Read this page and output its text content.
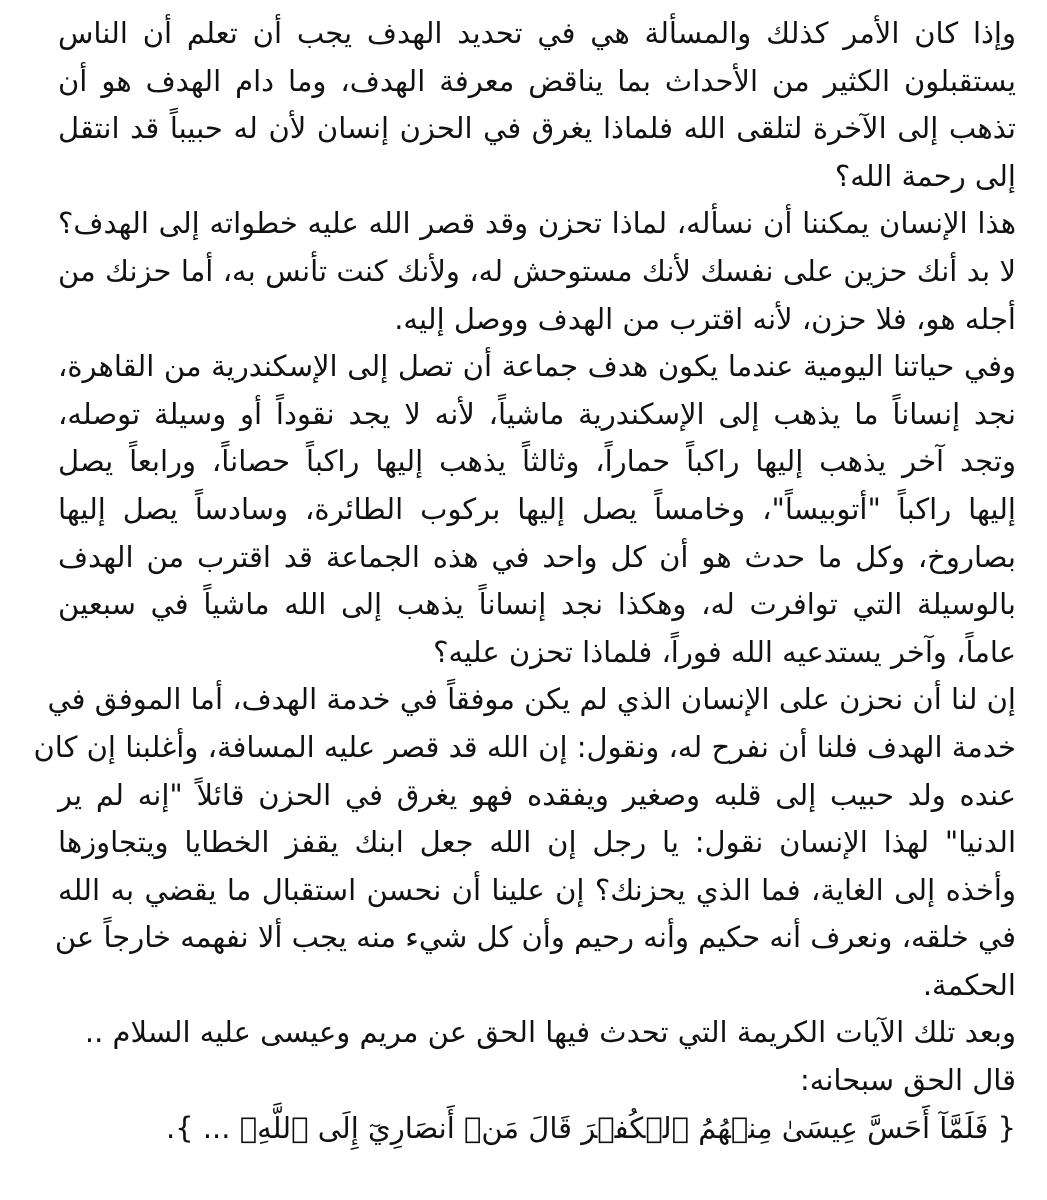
وإذا كان الأمر كذلك والمسألة هي في تحديد الهدف يجب أن تعلم أن الناس
يستقبلون الكثير من الأحداث بما يناقض معرفة الهدف، وما دام الهدف هو أن
تذهب إلى الآخرة لتلقى الله فلماذا يغرق في الحزن إنسان لأن له حبيباً قد انتقل
إلى رحمة الله؟
هذا الإنسان يمكننا أن نسأله، لماذا تحزن وقد قصر الله عليه خطواته إلى الهدف؟
لا بد أنك حزين على نفسك لأنك مستوحش له، ولأنك كنت تأنس به، أما حزنك من
أجله هو، فلا حزن، لأنه اقترب من الهدف ووصل إليه.
وفي حياتنا اليومية عندما يكون هدف جماعة أن تصل إلى الإسكندرية من القاهرة،
نجد إنساناً ما يذهب إلى الإسكندرية ماشياً، لأنه لا يجد نقوداً أو وسيلة توصله،
وتجد آخر يذهب إليها راكباً حماراً، وثالثاً يذهب إليها راكباً حصاناً، ورابعاً يصل
إليها راكباً "أتوبيساً"، وخامساً يصل إليها بركوب الطائرة، وسادساً يصل إليها
بصاروخ، وكل ما حدث هو أن كل واحد في هذه الجماعة قد اقترب من الهدف
بالوسيلة التي توافرت له، وهكذا نجد إنساناً يذهب إلى الله ماشياً في سبعين
عاماً، وآخر يستدعيه الله فوراً، فلماذا تحزن عليه؟
إن لنا أن نحزن على الإنسان الذي لم يكن موفقاً في خدمة الهدف، أما الموفق في
خدمة الهدف فلنا أن نفرح له، ونقول: إن الله قد قصر عليه المسافة، وأغلبنا إن كان
عنده ولد حبيب إلى قلبه وصغير ويفقده فهو يغرق في الحزن قائلاً "إنه لم ير
الدنيا" لهذا الإنسان نقول: يا رجل إن الله جعل ابنك يقفز الخطايا ويتجاوزها
وأخذه إلى الغاية، فما الذي يحزنك؟ إن علينا أن نحسن استقبال ما يقضي به الله
في خلقه، ونعرف أنه حكيم وأنه رحيم وأن كل شيء منه يجب ألا نفهمه خارجاً عن
الحكمة.
وبعد تلك الآيات الكريمة التي تحدث فيها الحق عن مريم وعيسى عليه السلام ..
قال الحق سبحانه:
{ فَلَمَّآ أَحَسَّ عِيسَىٰ مِنۡهُمُ ٱلۡكُفۡرَ قَالَ مَنۡ أَنصَارِيٓ إِلَى ٱللَّهِۖ ... }.
